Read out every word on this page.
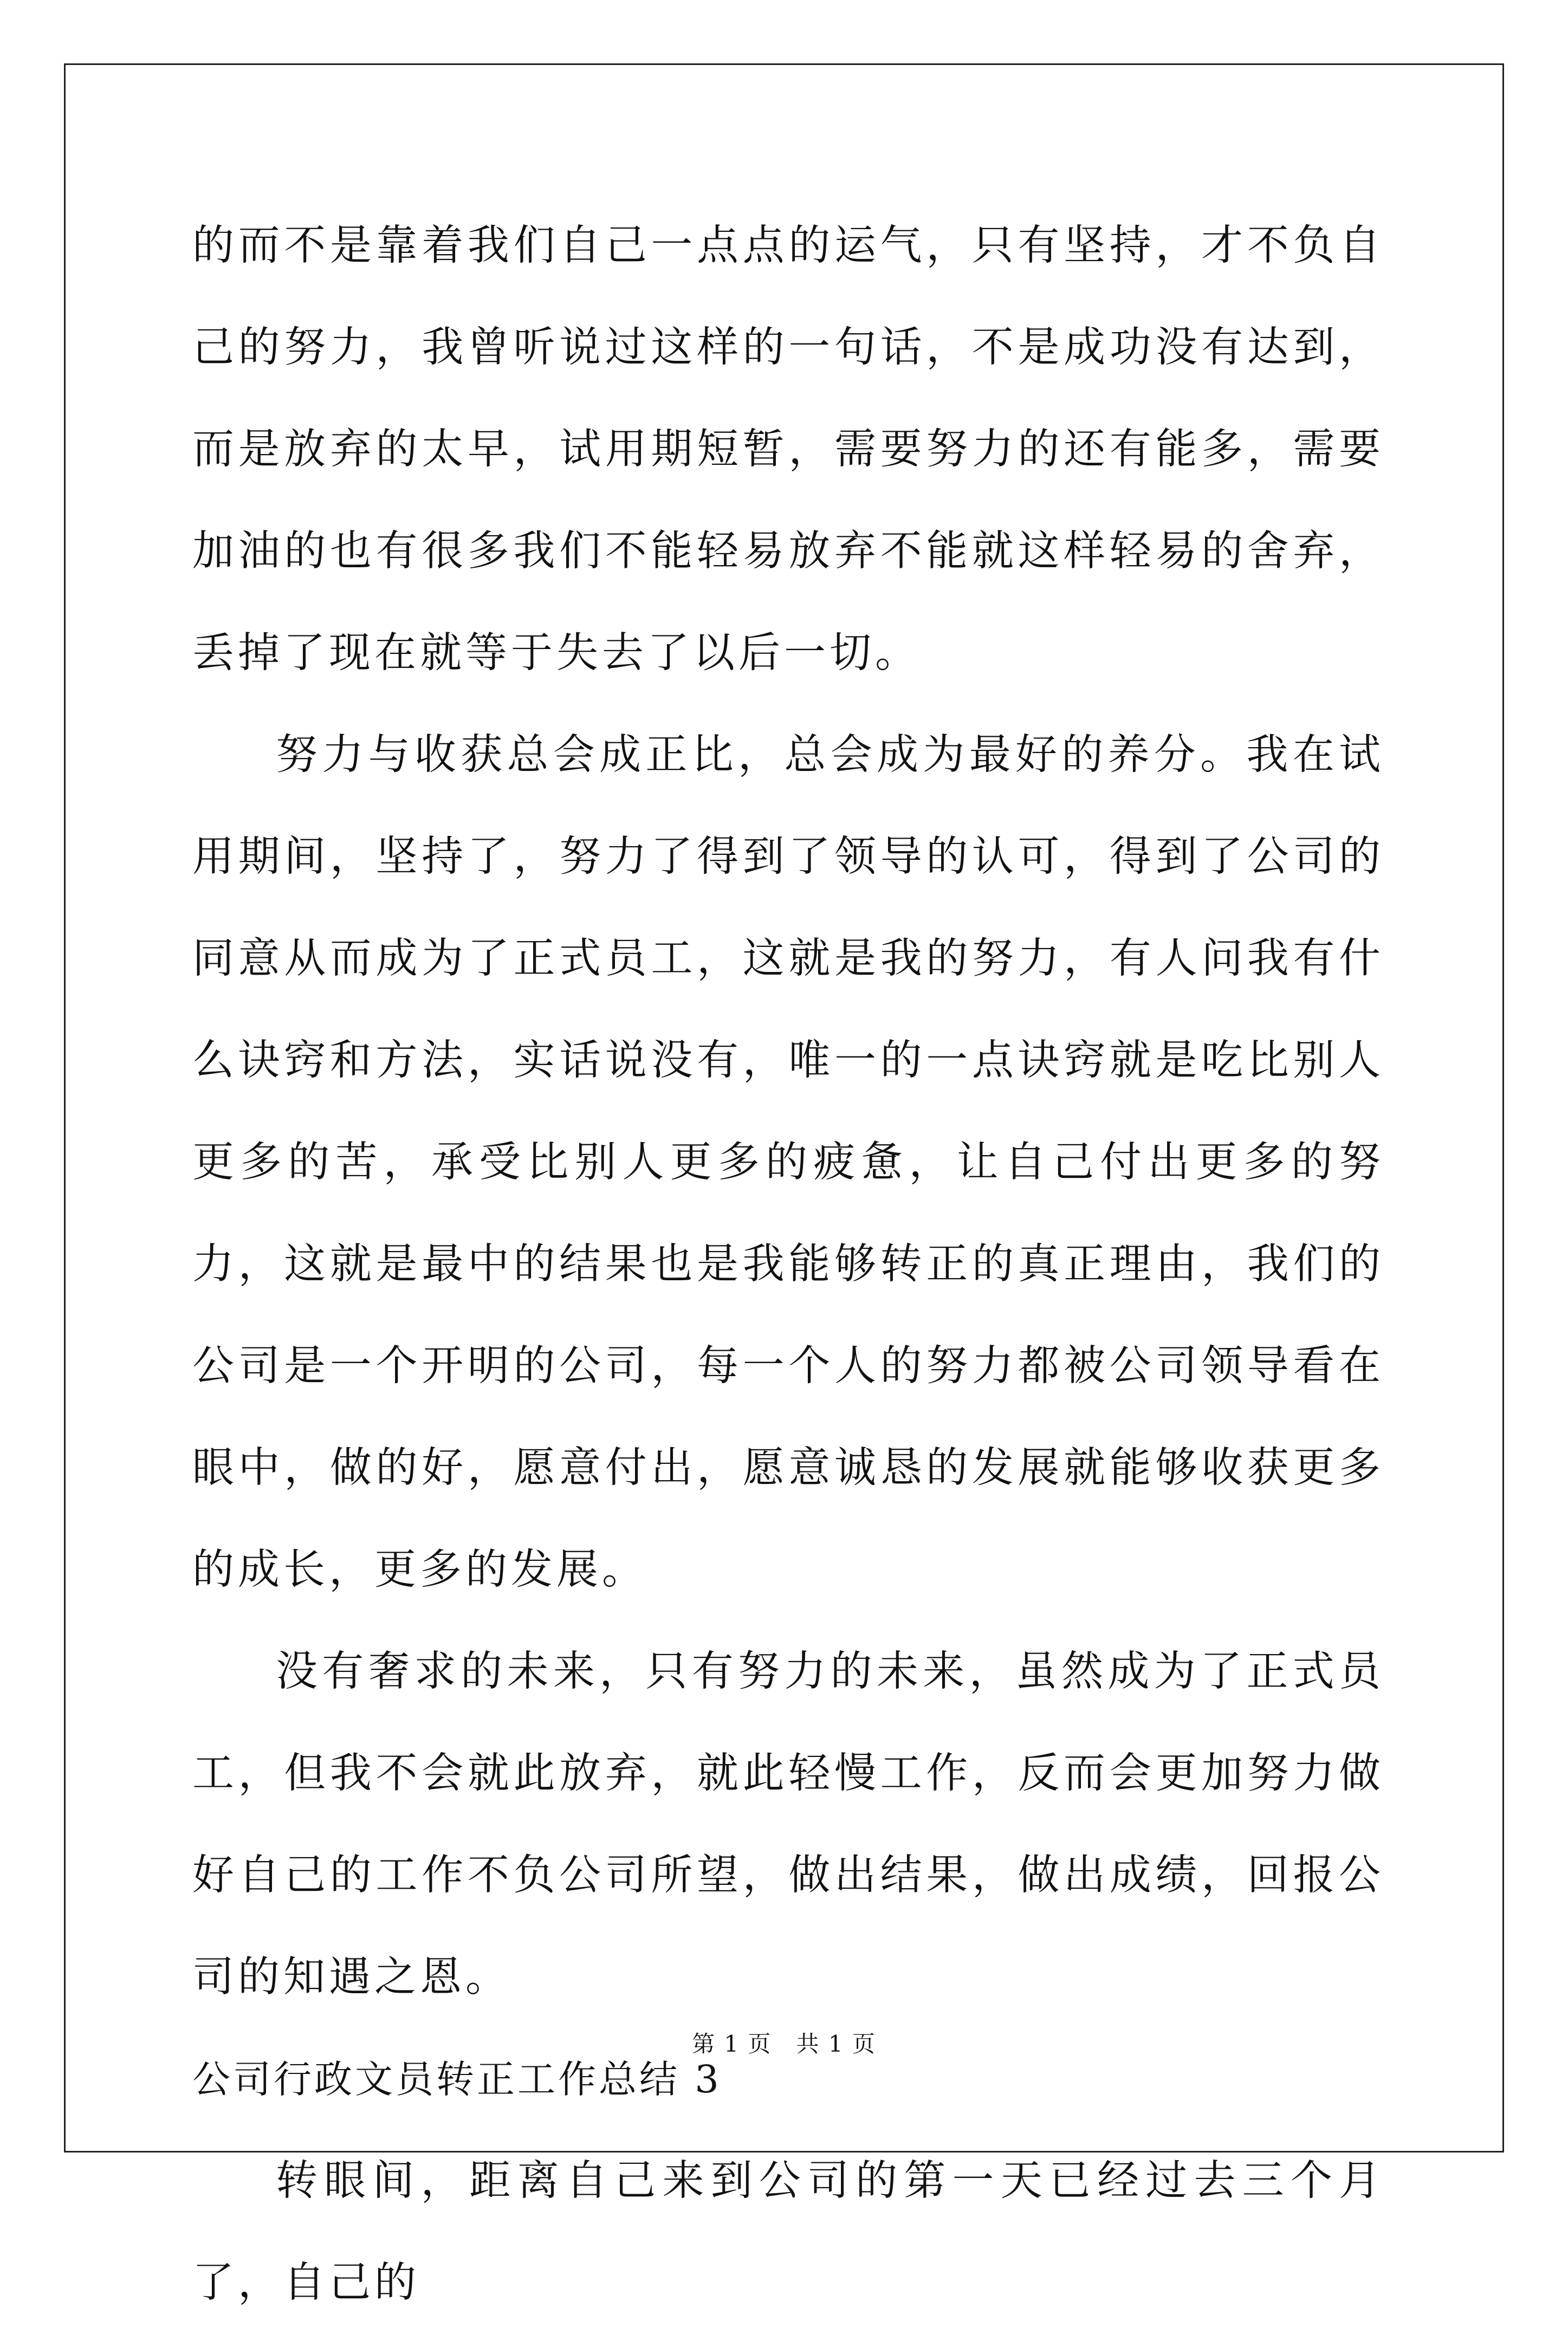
的而不是靠着我们自己一点点的运气，只有坚持，才不负自己的努力，我曾听说过这样的一句话，不是成功没有达到，而是放弃的太早，试用期短暂，需要努力的还有能多，需要加油的也有很多我们不能轻易放弃不能就这样轻易的舍弃，丢掉了现在就等于失去了以后一切。

努力与收获总会成正比，总会成为最好的养分。我在试用期间，坚持了，努力了得到了领导的认可，得到了公司的同意从而成为了正式员工，这就是我的努力，有人问我有什么诀窍和方法，实话说没有，唯一的一点诀窍就是吃比别人更多的苦，承受比别人更多的疲惫，让自己付出更多的努力，这就是最中的结果也是我能够转正的真正理由，我们的公司是一个开明的公司，每一个人的努力都被公司领导看在眼中，做的好，愿意付出，愿意诚恳的发展就能够收获更多的成长，更多的发展。

没有奢求的未来，只有努力的未来，虽然成为了正式员工，但我不会就此放弃，就此轻慢工作，反而会更加努力做好自己的工作不负公司所望，做出结果，做出成绩，回报公司的知遇之恩。

公司行政文员转正工作总结 3

转眼间，距离自己来到公司的第一天已经过去三个月了，自己的

第 1 页 共 1 页
